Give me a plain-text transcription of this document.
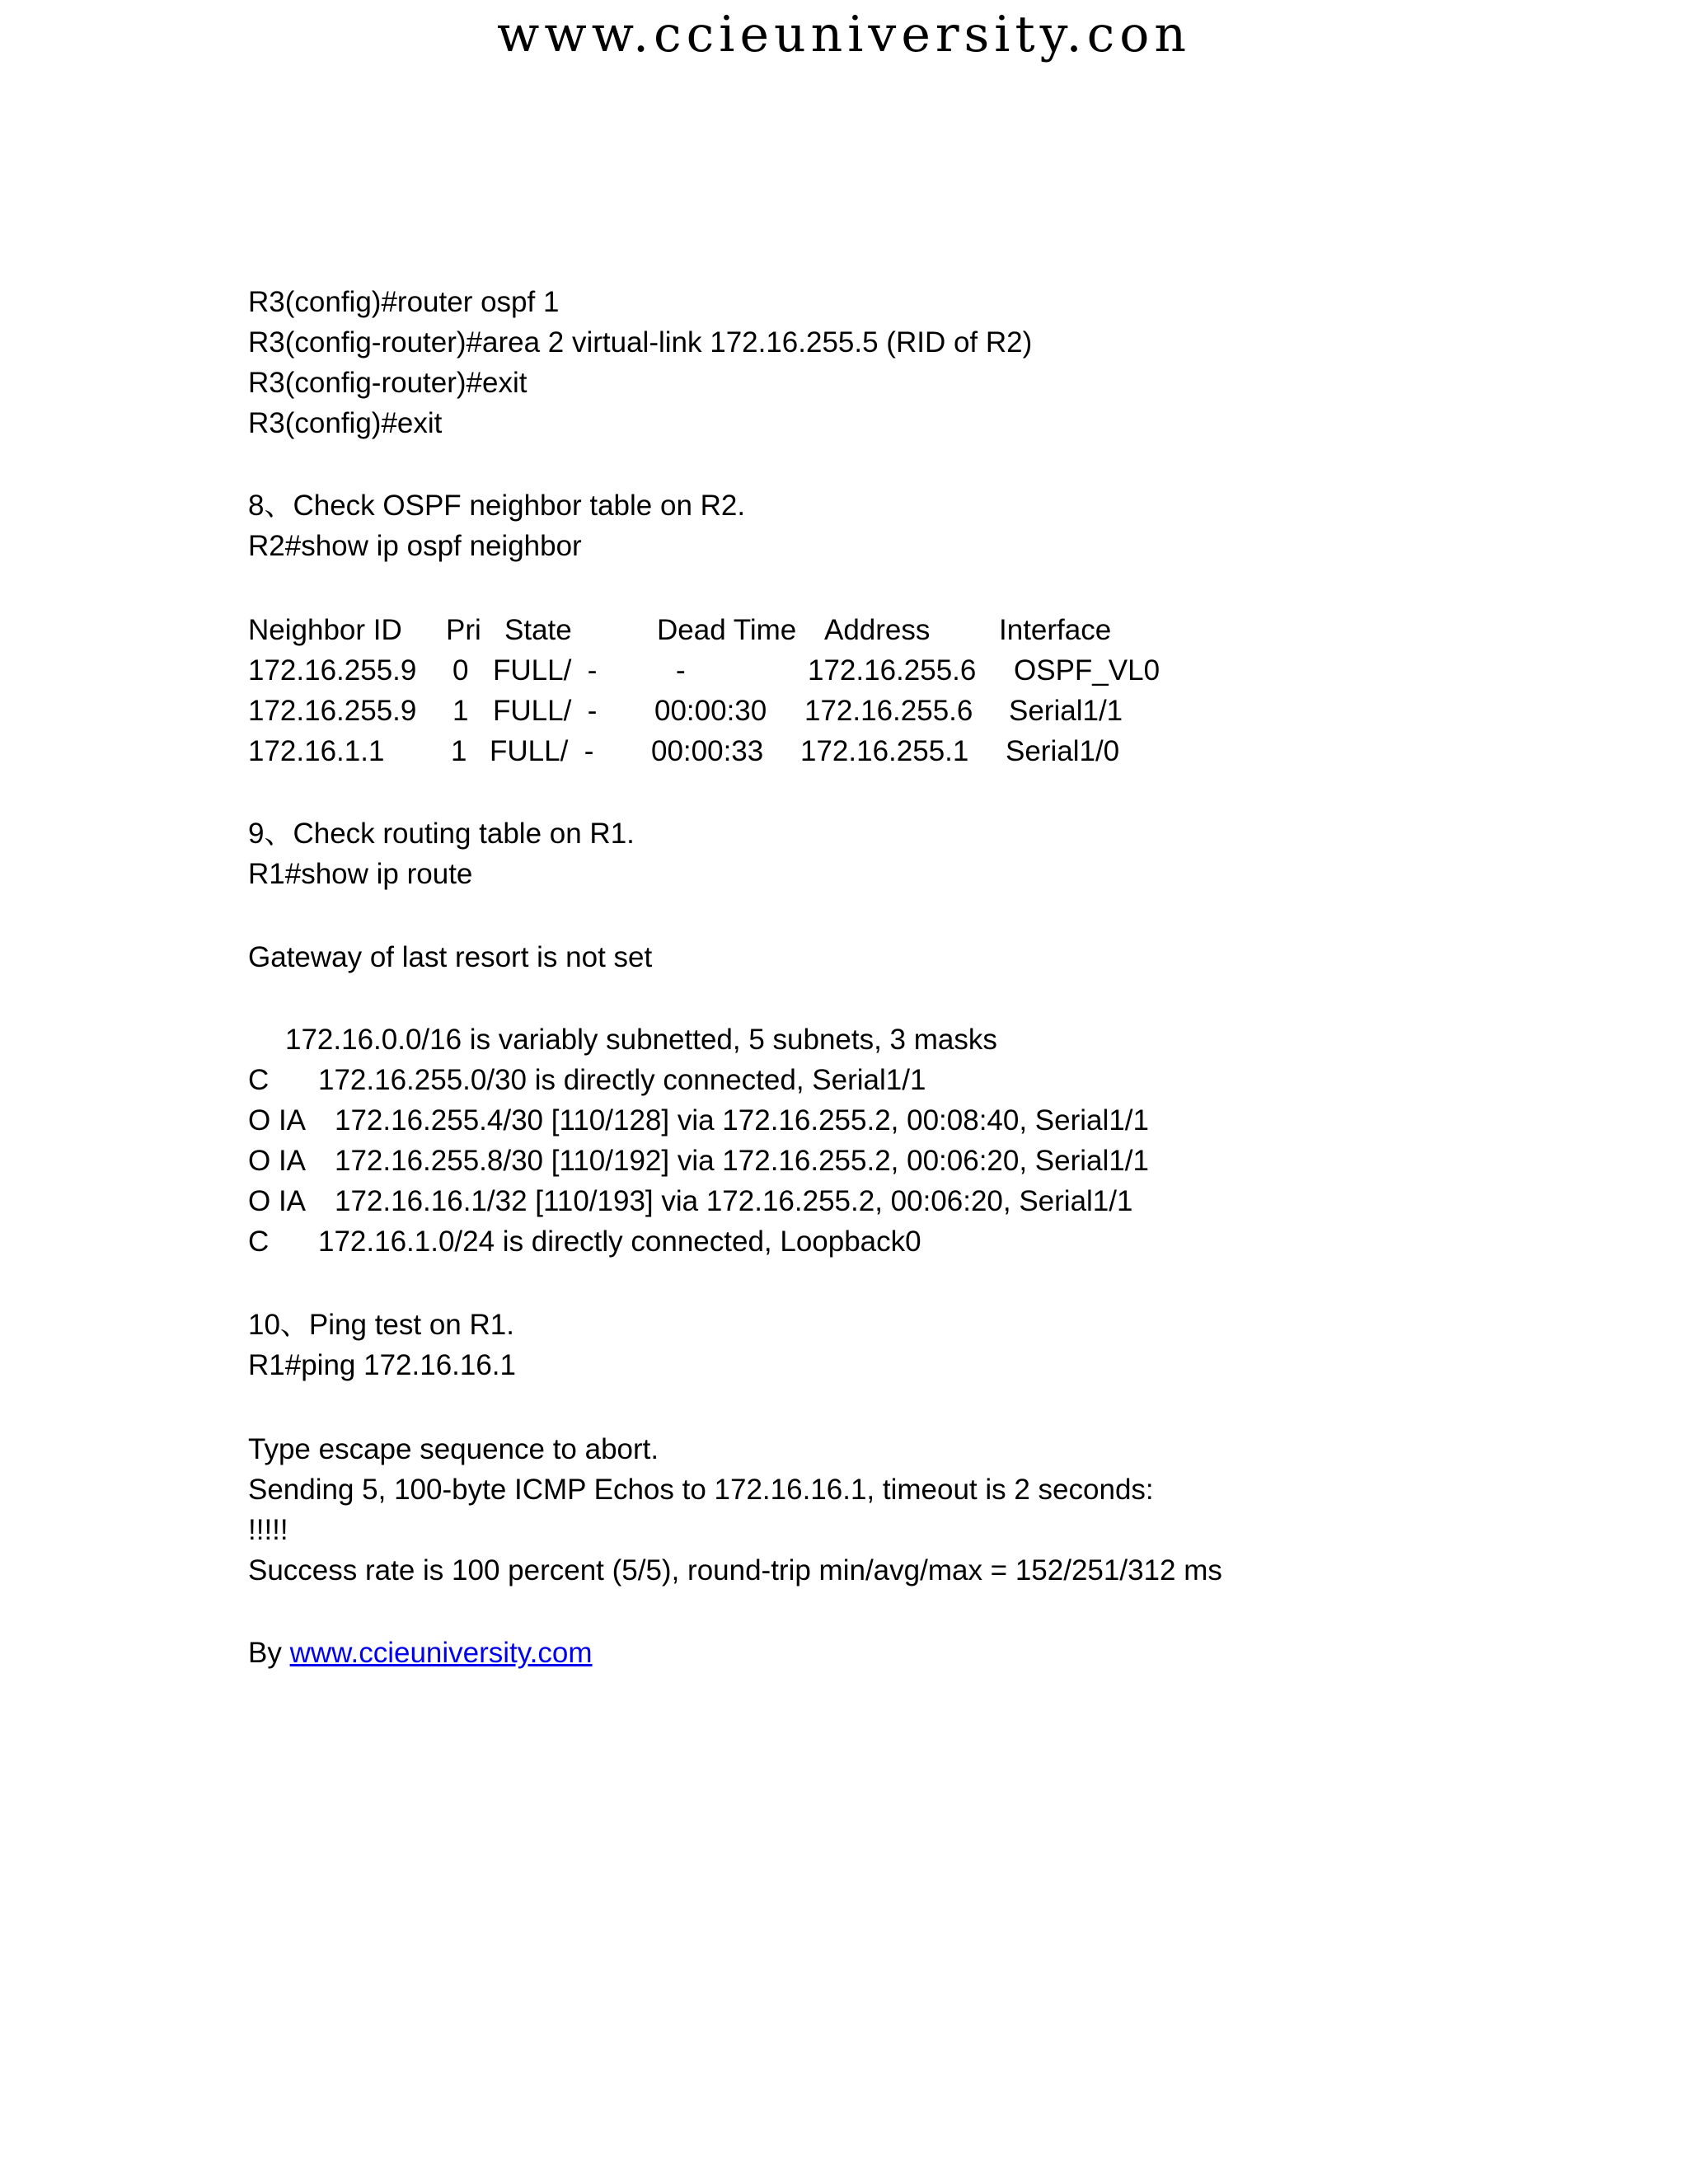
www.ccieuniversity.con
R3(config)#router ospf 1
R3(config-router)#area 2 virtual-link 172.16.255.5 (RID of R2)
R3(config-router)#exit
R3(config)#exit
8、Check OSPF neighbor table on R2.
R2#show ip ospf neighbor
Neighbor ID Pri State	Dead Time Address Interface
172.16.255.9 0 FULL/  -	-	172.16.255.6 OSPF_VL0
172.16.255.9 1 FULL/  - 00:00:30 172.16.255.6 Serial1/1
172.16.1.1 1 FULL/  - 00:00:33 172.16.255.1 Serial1/0
9、Check routing table on R1.
R1#show ip route
Gateway of last resort is not set
172.16.0.0/16 is variably subnetted, 5 subnets, 3 masks
C 172.16.255.0/30 is directly connected, Serial1/1
O IA 172.16.255.4/30 [110/128] via 172.16.255.2, 00:08:40, Serial1/1
O IA 172.16.255.8/30 [110/192] via 172.16.255.2, 00:06:20, Serial1/1
O IA 172.16.16.1/32 [110/193] via 172.16.255.2, 00:06:20, Serial1/1
C 172.16.1.0/24 is directly connected, Loopback0
10、Ping test on R1.
R1#ping 172.16.16.1
Type escape sequence to abort.
Sending 5, 100-byte ICMP Echos to 172.16.16.1, timeout is 2 seconds:
!!!!!
Success rate is 100 percent (5/5), round-trip min/avg/max = 152/251/312 ms
By www.ccieuniversity.com
